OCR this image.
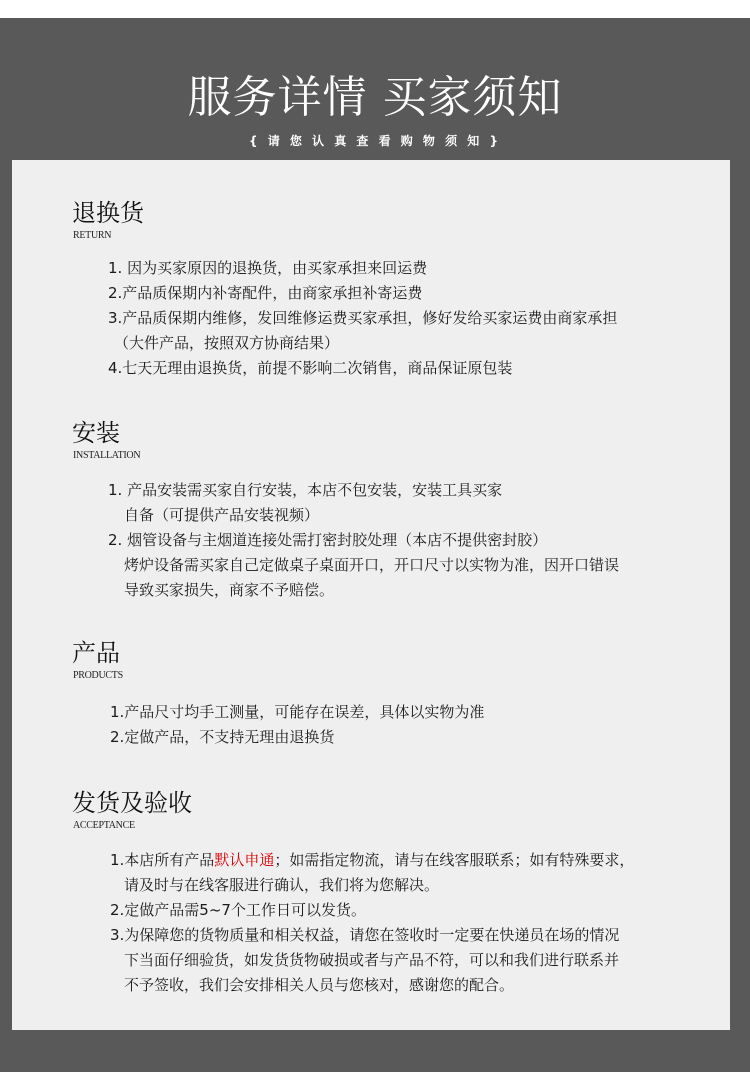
服务详情 买家须知
{ 请 您 认 真 查 看 购 物 须 知 }
退换货
RETURN
1. 因为买家原因的退换货，由买家承担来回运费
2.产品质保期内补寄配件，由商家承担补寄运费
3.产品质保期内维修，发回维修运费买家承担，修好发给买家运费由商家承担
（大件产品，按照双方协商结果）
4.七天无理由退换货，前提不影响二次销售，商品保证原包装
安装
INSTALLATION
1. 产品安装需买家自行安装，本店不包安装，安装工具买家
自备（可提供产品安装视频）
2. 烟管设备与主烟道连接处需打密封胶处理（本店不提供密封胶）
烤炉设备需买家自己定做桌子桌面开口，开口尺寸以实物为准，因开口错误
导致买家损失，商家不予赔偿。
产品
PRODUCTS
1.产品尺寸均手工测量，可能存在误差，具体以实物为准
2.定做产品，不支持无理由退换货
发货及验收
ACCEPTANCE
1.本店所有产品默认申通；如需指定物流，请与在线客服联系；如有特殊要求，
请及时与在线客服进行确认，我们将为您解决。
2.定做产品需5~7个工作日可以发货。
3.为保障您的货物质量和相关权益，请您在签收时一定要在快递员在场的情况
下当面仔细验货，如发货货物破损或者与产品不符，可以和我们进行联系并
不予签收，我们会安排相关人员与您核对，感谢您的配合。
